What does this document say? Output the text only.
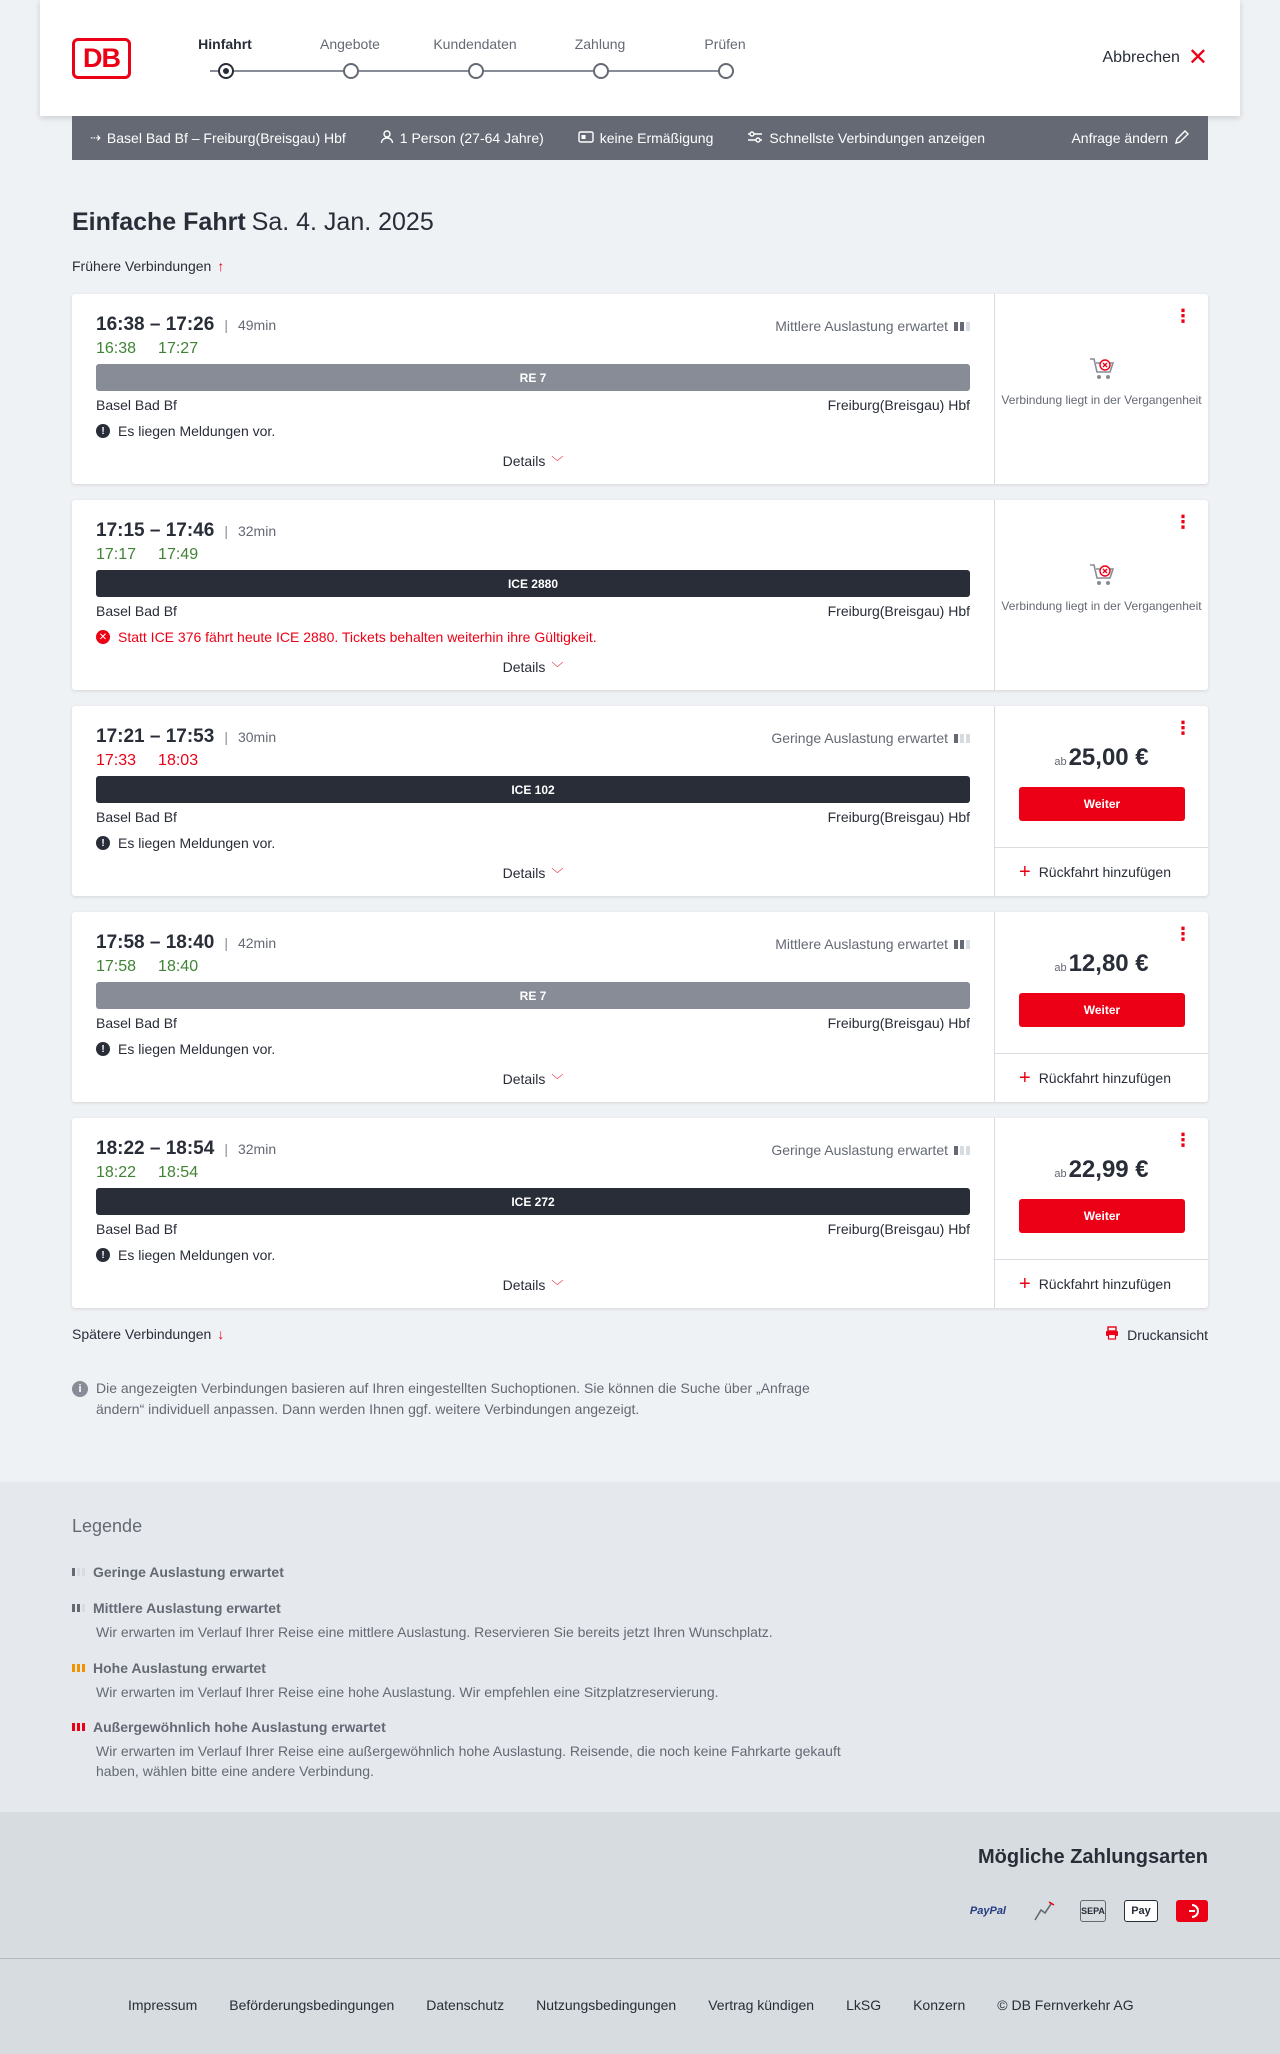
DB	Hinfahrt	Angebote	Kundendaten	Zahlung	Prüfen
Abbrechen ✕
⇢ Basel Bad Bf – Freiburg(Breisgau) Hbf	1 Person (27-64 Jahre)	keine Ermäßigung	Schnellste Verbindungen anzeigen	Anfrage ändern
Einfache Fahrt Sa. 4. Jan. 2025
Frühere Verbindungen ↑
16:38 – 17:26 | 49min	Mittlere Auslastung erwartet
16:38 17:27
RE 7
Basel Bad Bf	Freiburg(Breisgau) Hbf
! Es liegen Meldungen vor.
Details ﹀
⋮
Verbindung liegt in der Vergangenheit
17:15 – 17:46 | 32min
17:17 17:49
ICE 2880
Basel Bad Bf	Freiburg(Breisgau) Hbf
✕ Statt ICE 376 fährt heute ICE 2880. Tickets behalten weiterhin ihre Gültigkeit.
Details ﹀
⋮
Verbindung liegt in der Vergangenheit
17:21 – 17:53 | 30min	Geringe Auslastung erwartet
17:33 18:03
ICE 102
Basel Bad Bf	Freiburg(Breisgau) Hbf
! Es liegen Meldungen vor.
Details ﹀
⋮
ab25,00 €
Weiter
+ Rückfahrt hinzufügen
17:58 – 18:40 | 42min	Mittlere Auslastung erwartet
17:58 18:40
RE 7
Basel Bad Bf	Freiburg(Breisgau) Hbf
! Es liegen Meldungen vor.
Details ﹀
⋮
ab12,80 €
Weiter
+ Rückfahrt hinzufügen
18:22 – 18:54 | 32min	Geringe Auslastung erwartet
18:22 18:54
ICE 272
Basel Bad Bf	Freiburg(Breisgau) Hbf
! Es liegen Meldungen vor.
Details ﹀
⋮
ab22,99 €
Weiter
+ Rückfahrt hinzufügen
Spätere Verbindungen ↓	Druckansicht
i	Die angezeigten Verbindungen basieren auf Ihren eingestellten Suchoptionen. Sie können die Suche über „Anfrage ändern“ individuell anpassen. Dann werden Ihnen ggf. weitere Verbindungen angezeigt.
Legende
Geringe Auslastung erwartet
Mittlere Auslastung erwartet
Wir erwarten im Verlauf Ihrer Reise eine mittlere Auslastung. Reservieren Sie bereits jetzt Ihren Wunschplatz.
Hohe Auslastung erwartet
Wir erwarten im Verlauf Ihrer Reise eine hohe Auslastung. Wir empfehlen eine Sitzplatzreservierung.
Außergewöhnlich hohe Auslastung erwartet
Wir erwarten im Verlauf Ihrer Reise eine außergewöhnlich hohe Auslastung. Reisende, die noch keine Fahrkarte gekauft haben, wählen bitte eine andere Verbindung.
Mögliche Zahlungsarten
PayPal	SEPA	Pay
Impressum Beförderungsbedingungen Datenschutz Nutzungsbedingungen Vertrag kündigen LkSG Konzern © DB Fernverkehr AG
